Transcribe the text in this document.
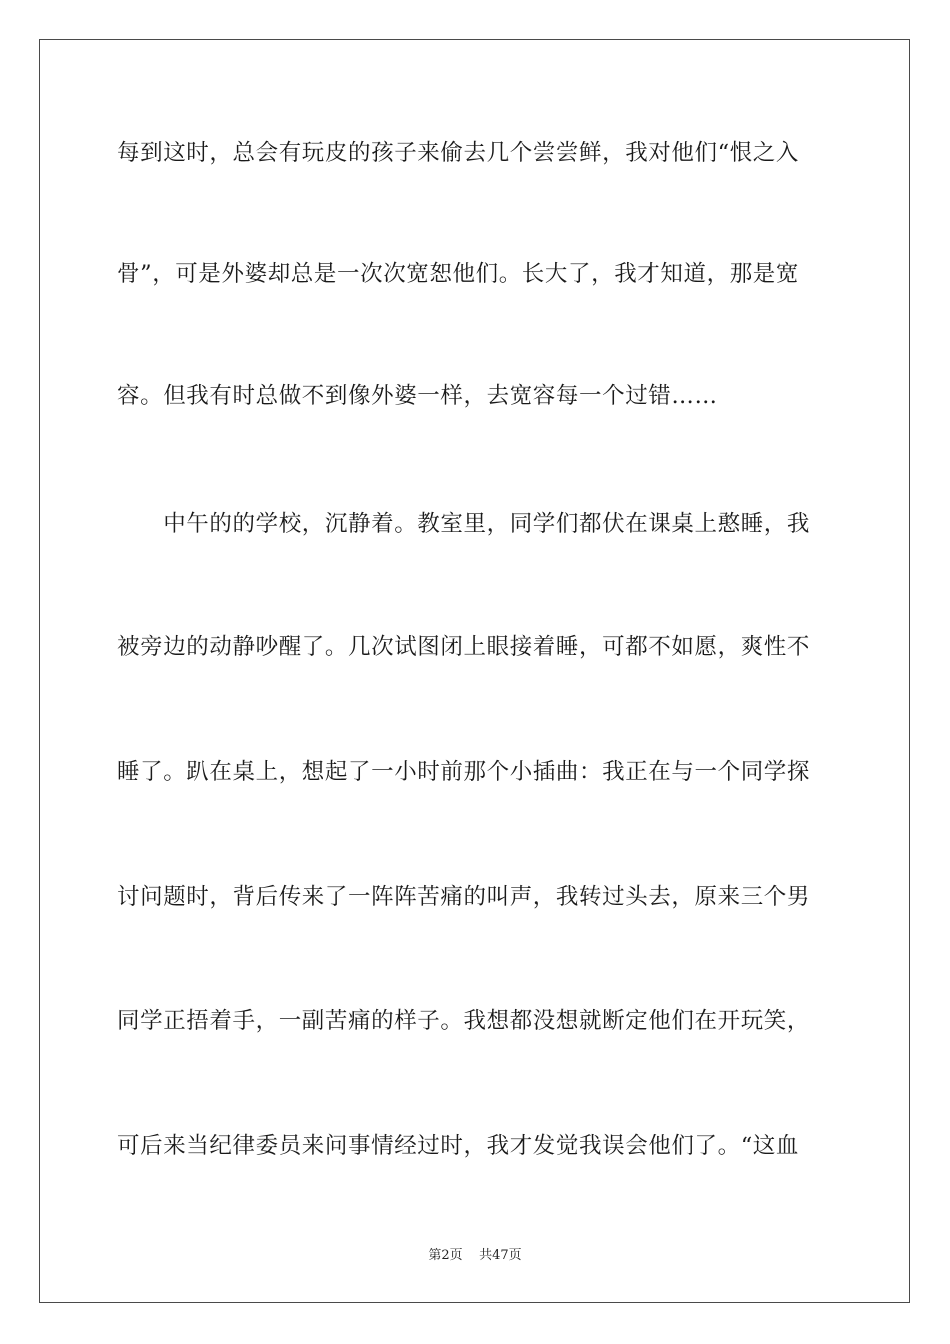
每到这时，总会有玩皮的孩子来偷去几个尝尝鲜，我对他们“恨之入
骨”，可是外婆却总是一次次宽恕他们。长大了，我才知道，那是宽
容。但我有时总做不到像外婆一样，去宽容每一个过错……
　　中午的的学校，沉静着。教室里，同学们都伏在课桌上憨睡，我
被旁边的动静吵醒了。几次试图闭上眼接着睡，可都不如愿，爽性不
睡了。趴在桌上，想起了一小时前那个小插曲：我正在与一个同学探
讨问题时，背后传来了一阵阵苦痛的叫声，我转过头去，原来三个男
同学正捂着手，一副苦痛的样子。我想都没想就断定他们在开玩笑，
可后来当纪律委员来问事情经过时，我才发觉我误会他们了。“这血
第2页 共47页
